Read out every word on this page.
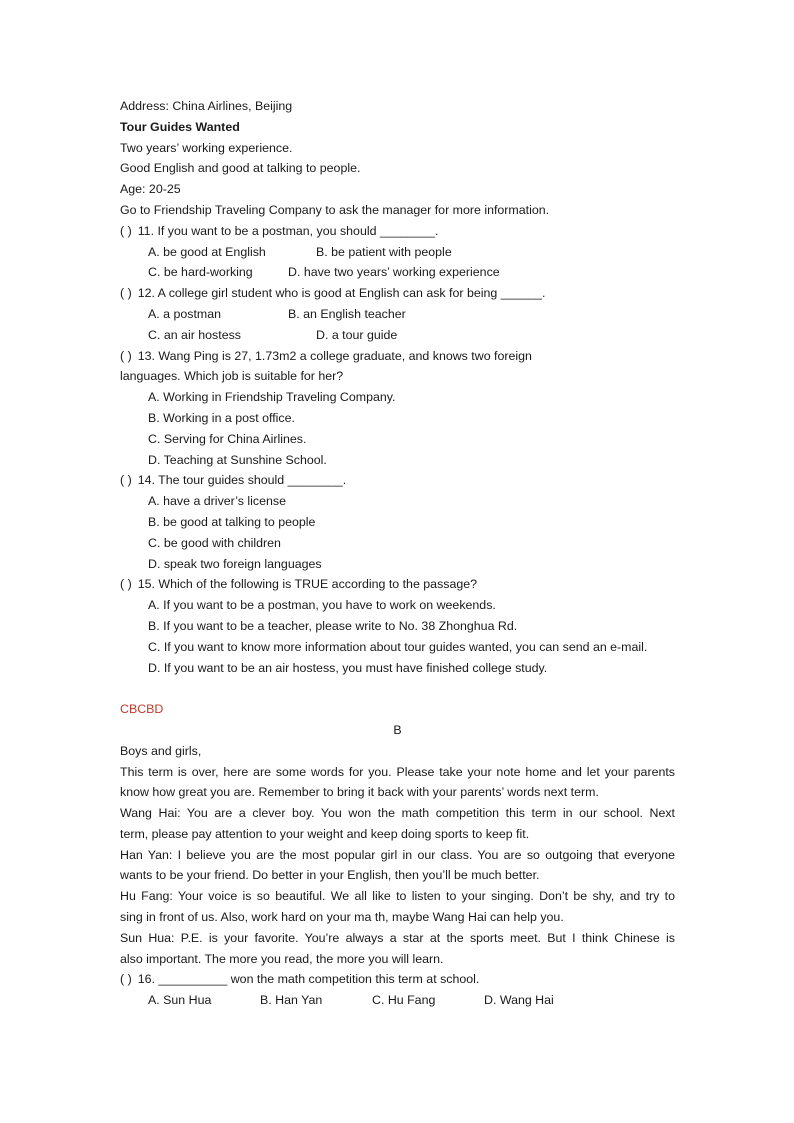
Address: China Airlines, Beijing
Tour Guides Wanted
Two years’ working experience.
Good English and good at talking to people.
Age: 20-25
Go to Friendship Traveling Company to ask the manager for more information.
( ) 11. If you want to be a postman, you should ________.
A. be good at English	B. be patient with people
C. be hard-working	D. have two years’ working experience
( ) 12. A college girl student who is good at English can ask for being ______.
A. a postman	B. an English teacher
C. an air hostess	D. a tour guide
( ) 13. Wang Ping is 27, 1.73m2 a college graduate, and knows two foreign
languages. Which job is suitable for her?
A. Working in Friendship Traveling Company.
B. Working in a post office.
C. Serving for China Airlines.
D. Teaching at Sunshine School.
( ) 14. The tour guides should ________.
A. have a driver’s license
B. be good at talking to people
C. be good with children
D. speak two foreign languages
( ) 15. Which of the following is TRUE according to the passage?
A. If you want to be a postman, you have to work on weekends.
B. If you want to be a teacher, please write to No. 38 Zhonghua Rd.
C. If you want to know more information about tour guides wanted, you can send an e-mail.
D. If you want to be an air hostess, you must have finished college study.
CBCBD
B
Boys and girls,
This term is over, here are some words for you. Please take your note home and let your parents
know how great you are. Remember to bring it back with your parents’ words next term.
Wang Hai: You are a clever boy. You won the math competition this term in our school. Next
term, please pay attention to your weight and keep doing sports to keep fit.
Han Yan: I believe you are the most popular girl in our class. You are so outgoing that everyone
wants to be your friend. Do better in your English, then you’ll be much better.
Hu Fang: Your voice is so beautiful. We all like to listen to your singing. Don’t be shy, and try to
sing in front of us. Also, work hard on your ma th, maybe Wang Hai can help you.
Sun Hua: P.E. is your favorite. You’re always a star at the sports meet. But I think Chinese is
also important. The more you read, the more you will learn.
( ) 16. __________ won the math competition this term at school.
A. Sun Hua	B. Han Yan	C. Hu Fang	D. Wang Hai
